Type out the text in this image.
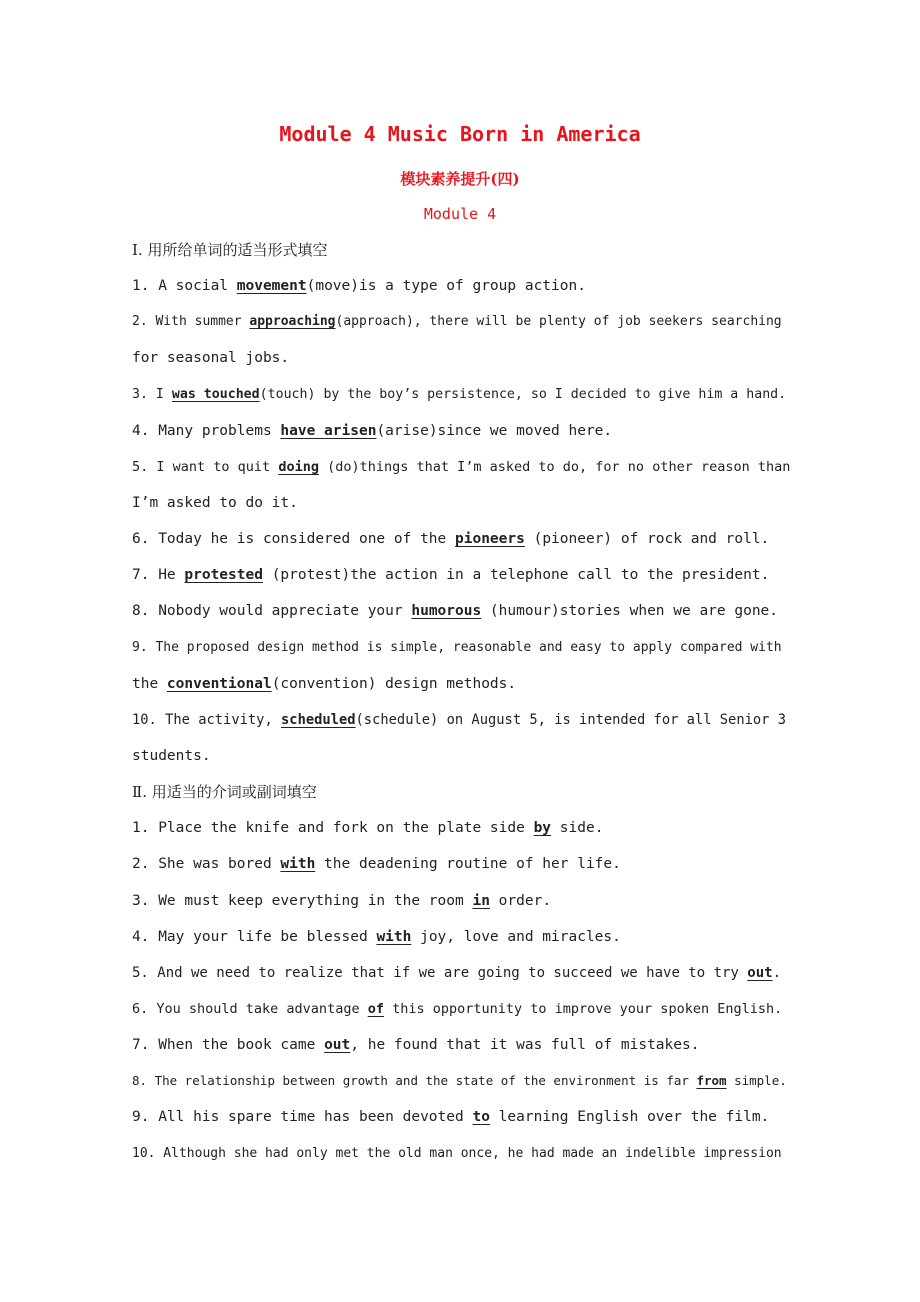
Module 4 Music Born in America
模块素养提升(四)
Module 4
Ⅰ. 用所给单词的适当形式填空
1. A social movement(move)is a type of group action.
2. With summer approaching(approach), there will be plenty of job seekers searching
for seasonal jobs.
3. I was touched(touch) by the boy’s persistence, so I decided to give him a hand.
4. Many problems have arisen(arise)since we moved here.
5. I want to quit doing (do)things that I’m asked to do, for no other reason than
I’m asked to do it.
6. Today he is considered one of the pioneers (pioneer) of rock and roll.
7. He protested (protest)the action in a telephone call to the president.
8. Nobody would appreciate your humorous (humour)stories when we are gone.
9. The proposed design method is simple, reasonable and easy to apply compared with
the conventional(convention) design methods.
10. The activity, scheduled(schedule) on August 5, is intended for all Senior 3
students.
Ⅱ. 用适当的介词或副词填空
1. Place the knife and fork on the plate side by side.
2. She was bored with the deadening routine of her life.
3. We must keep everything in the room in order.
4. May your life be blessed with joy, love and miracles.
5. And we need to realize that if we are going to succeed we have to try out.
6. You should take advantage of this opportunity to improve your spoken English.
7. When the book came out, he found that it was full of mistakes.
8. The relationship between growth and the state of the environment is far from simple.
9. All his spare time has been devoted to learning English over the film.
10. Although she had only met the old man once, he had made an indelible impression
